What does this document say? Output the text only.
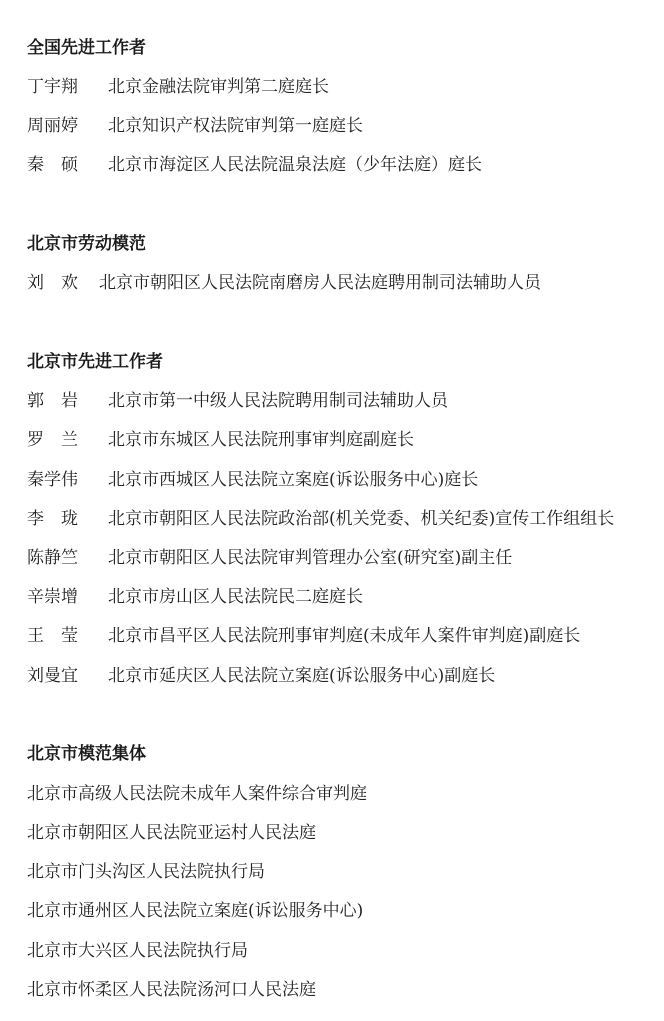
全国先进工作者
丁宇翔 北京金融法院审判第二庭庭长
周丽婷 北京知识产权法院审判第一庭庭长
秦　硕 北京市海淀区人民法院温泉法庭（少年法庭）庭长
北京市劳动模范
刘　欢 北京市朝阳区人民法院南磨房人民法庭聘用制司法辅助人员
北京市先进工作者
郭　岩 北京市第一中级人民法院聘用制司法辅助人员
罗　兰 北京市东城区人民法院刑事审判庭副庭长
秦学伟 北京市西城区人民法院立案庭(诉讼服务中心)庭长
李　珑 北京市朝阳区人民法院政治部(机关党委、机关纪委)宣传工作组组长
陈静竺 北京市朝阳区人民法院审判管理办公室(研究室)副主任
辛崇增 北京市房山区人民法院民二庭庭长
王　莹 北京市昌平区人民法院刑事审判庭(未成年人案件审判庭)副庭长
刘曼宜 北京市延庆区人民法院立案庭(诉讼服务中心)副庭长
北京市模范集体
北京市高级人民法院未成年人案件综合审判庭
北京市朝阳区人民法院亚运村人民法庭
北京市门头沟区人民法院执行局
北京市通州区人民法院立案庭(诉讼服务中心)
北京市大兴区人民法院执行局
北京市怀柔区人民法院汤河口人民法庭
